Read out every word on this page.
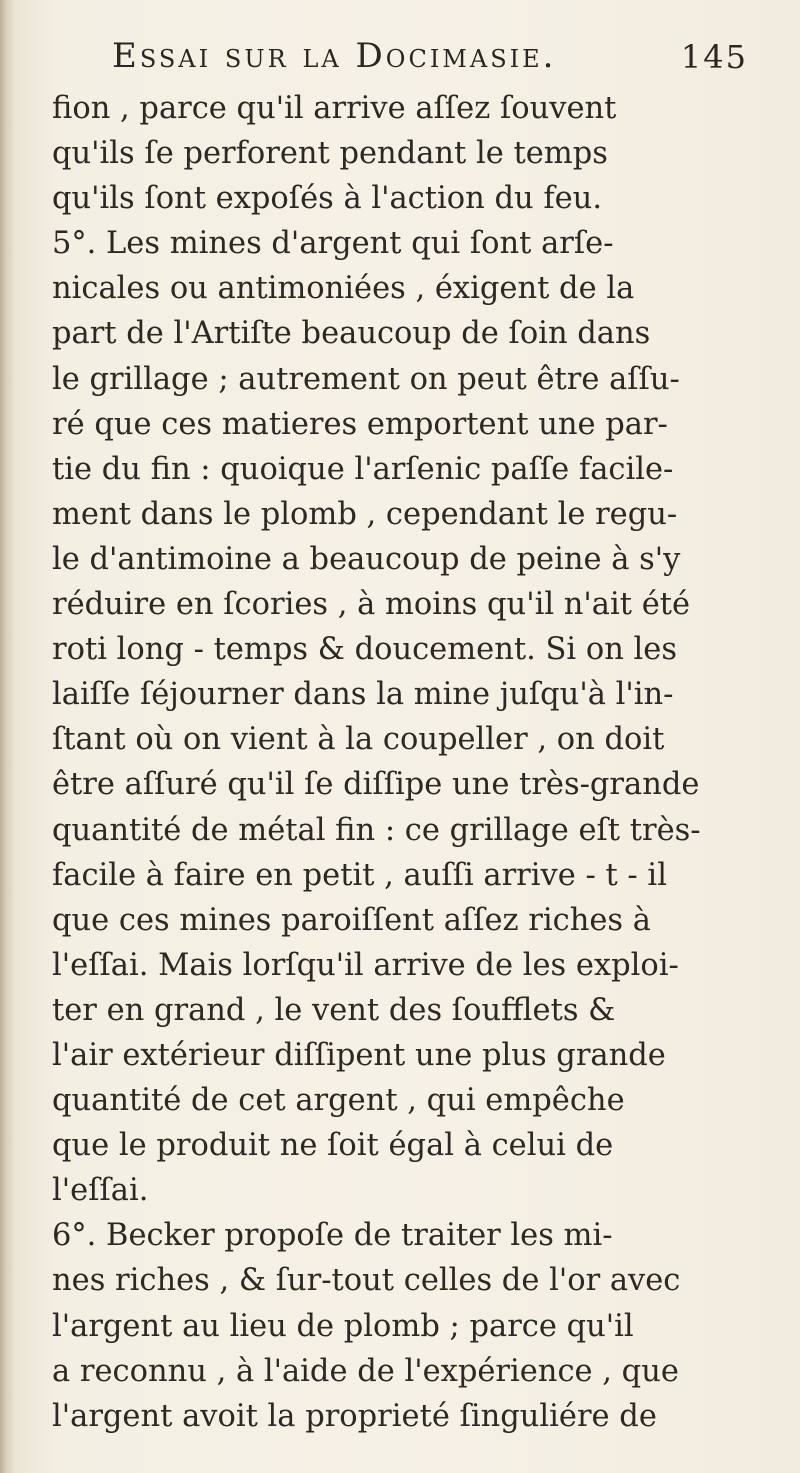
Essai sur la Docimasie.	145
fion , parce qu'il arrive aſſez ſouvent
qu'ils ſe perforent pendant le temps
qu'ils ſont expoſés à l'action du feu.
5°. Les mines d'argent qui ſont arſe-
nicales ou antimoniées , éxigent de la
part de l'Artiſte beaucoup de ſoin dans
le grillage ; autrement on peut être aſſu-
ré que ces matieres emportent une par-
tie du fin : quoique l'arſenic paſſe facile-
ment dans le plomb , cependant le regu-
le d'antimoine a beaucoup de peine à s'y
réduire en ſcories , à moins qu'il n'ait été
roti long - temps & doucement. Si on les
laiſſe ſéjourner dans la mine juſqu'à l'in-
ſtant où on vient à la coupeller , on doit
être aſſuré qu'il ſe diſſipe une très-grande
quantité de métal fin : ce grillage eſt très-
facile à faire en petit , auſſi arrive - t - il
que ces mines paroiſſent aſſez riches à
l'eſſai. Mais lorſqu'il arrive de les exploi-
ter en grand , le vent des ſoufflets &
l'air extérieur diſſipent une plus grande
quantité de cet argent , qui empêche
que le produit ne ſoit égal à celui de
l'eſſai.
6°. Becker propoſe de traiter les mi-
nes riches , & ſur-tout celles de l'or avec
l'argent au lieu de plomb ; parce qu'il
a reconnu , à l'aide de l'expérience , que
l'argent avoit la proprieté ſinguliére de
